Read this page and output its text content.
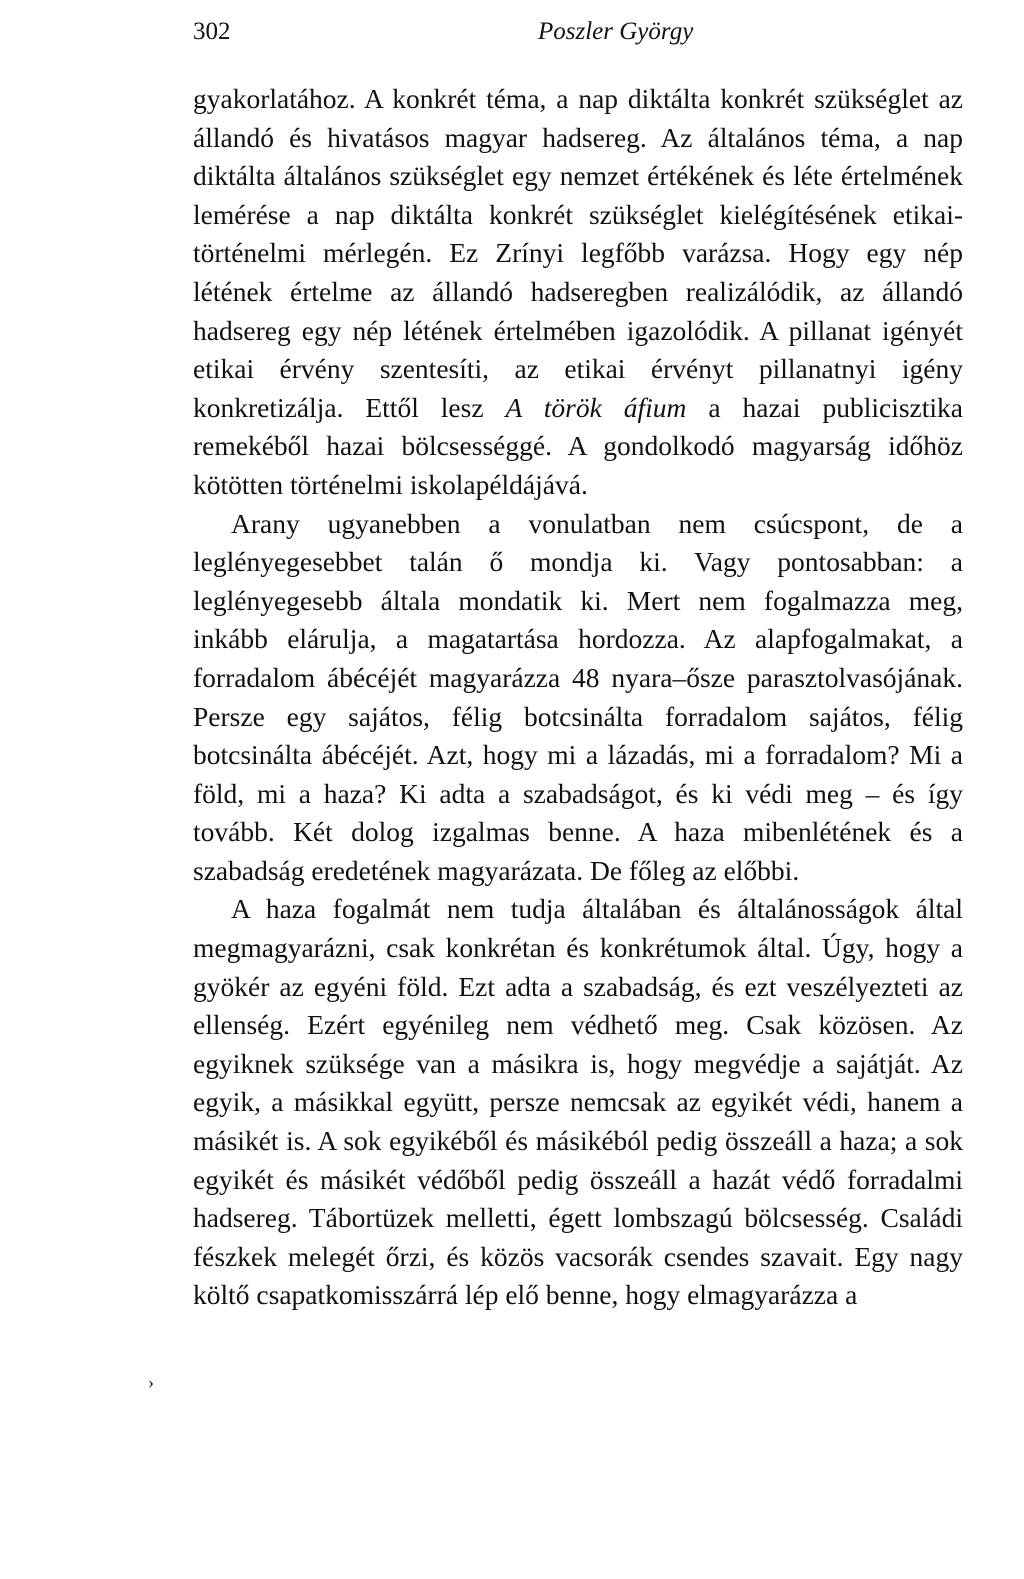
302	Poszler György

gyakorlatához. A konkrét téma, a nap diktálta konkrét szükséglet az állandó és hivatásos magyar hadsereg. Az általános téma, a nap diktálta általános szükséglet egy nemzet értékének és léte értelmének lemérése a nap diktálta konkrét szükséglet kielégítésének etikai-történelmi mérlegén. Ez Zrínyi legfőbb varázsa. Hogy egy nép létének értelme az állandó hadseregben realizálódik, az állandó hadsereg egy nép létének értelmében igazolódik. A pillanat igényét etikai érvény szentesíti, az etikai érvényt pillanatnyi igény konkretizálja. Ettől lesz A török áfium a hazai publicisztika remekéből hazai bölcsességgé. A gondolkodó magyarság időhöz kötötten történelmi iskolapéldájává.

Arany ugyanebben a vonulatban nem csúcspont, de a leglényegesebbet talán ő mondja ki. Vagy pontosabban: a leglényegesebb általa mondatik ki. Mert nem fogalmazza meg, inkább elárulja, a magatartása hordozza. Az alapfogalmakat, a forradalom ábécéjét magyarázza 48 nyara–ősze parasztolvasójának. Persze egy sajátos, félig botcsinálta forradalom sajátos, félig botcsinálta ábécéjét. Azt, hogy mi a lázadás, mi a forradalom? Mi a föld, mi a haza? Ki adta a szabadságot, és ki védi meg – és így tovább. Két dolog izgalmas benne. A haza mibenlétének és a szabadság eredetének magyarázata. De főleg az előbbi.

A haza fogalmát nem tudja általában és általánosságok által megmagyarázni, csak konkrétan és konkrétumok által. Úgy, hogy a gyökér az egyéni föld. Ezt adta a szabadság, és ezt veszélyezteti az ellenség. Ezért egyénileg nem védhető meg. Csak közösen. Az egyiknek szüksége van a másikra is, hogy megvédje a sajátját. Az egyik, a másikkal együtt, persze nemcsak az egyikét védi, hanem a másikét is. A sok egyikéből és másikéból pedig összeáll a haza; a sok egyikét és másikét védőből pedig összeáll a hazát védő forradalmi hadsereg. Tábortüzek melletti, égett lombszagú bölcsesség. Családi fészkek melegét őrzi, és közös vacsorák csendes szavait. Egy nagy költő csapatkomisszárrá lép elő benne, hogy elmagyarázza a

›
